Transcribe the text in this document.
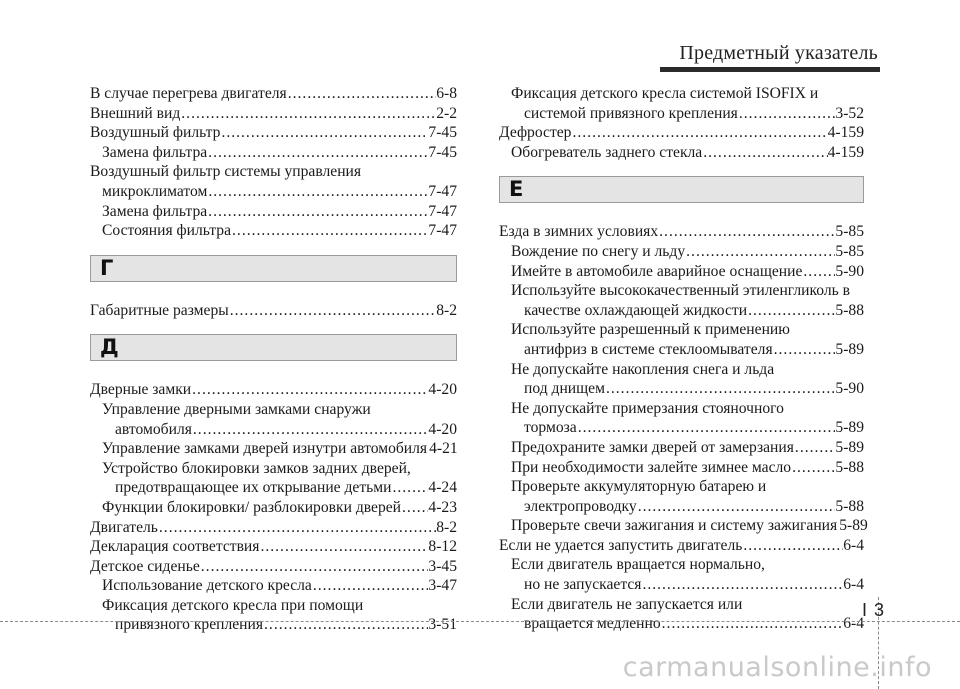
Предметный указатель
В случае перегрева двигателя .....	6-8
Внешний вид .....	2-2
Воздушный фильтр .....	7-45
Замена фильтра .....	7-45
Воздушный фильтр системы управления
микроклиматом .....	7-47
Замена фильтра .....	7-47
Состояния фильтра .....	7-47
Г
Габаритные размеры .....	8-2
Д
Дверные замки .....	4-20
Управление дверными замками снаружи
автомобиля .....	4-20
Управление замками дверей изнутри автомобиля ..... 4-21
Устройство блокировки замков задних дверей,
предотвращающее их открывание детьми ..... 4-24
Функции блокировки/ разблокировки дверей ..... 4-23
Двигатель .....	8-2
Декларация соответствия .....	8-12
Детское сиденье .....	3-45
Использование детского кресла .....	3-47
Фиксация детского кресла при помощи
привязного крепления .....	3-51
Фиксация детского кресла системой ISOFIX и
системой привязного крепления .....	3-52
Дефростер .....	4-159
Обогреватель заднего стекла .....	4-159
Е
Езда в зимних условиях .....	5-85
Вождение по снегу и льду .....	5-85
Имейте в автомобиле аварийное оснащение ..... 5-90
Используйте высококачественный этиленгликоль в
качестве охлаждающей жидкости .....	5-88
Используйте разрешенный к применению
антифриз в системе стеклоомывателя .....	5-89
Не допускайте накопления снега и льда
под днищем .....	5-90
Не допускайте примерзания стояночного
тормоза .....	5-89
Предохраните замки дверей от замерзания .....	5-89
При необходимости залейте зимнее масло .....	5-88
Проверьте аккумуляторную батарею и
электропроводку .....	5-88
Проверьте свечи зажигания и систему зажигания ..... 5-89
Если не удается запустить двигатель .....	6-4
Если двигатель вращается нормально,
но не запускается .....	6-4
Если двигатель не запускается или
вращается медленно .....	6-4
I 3
carmanualsonline.info
